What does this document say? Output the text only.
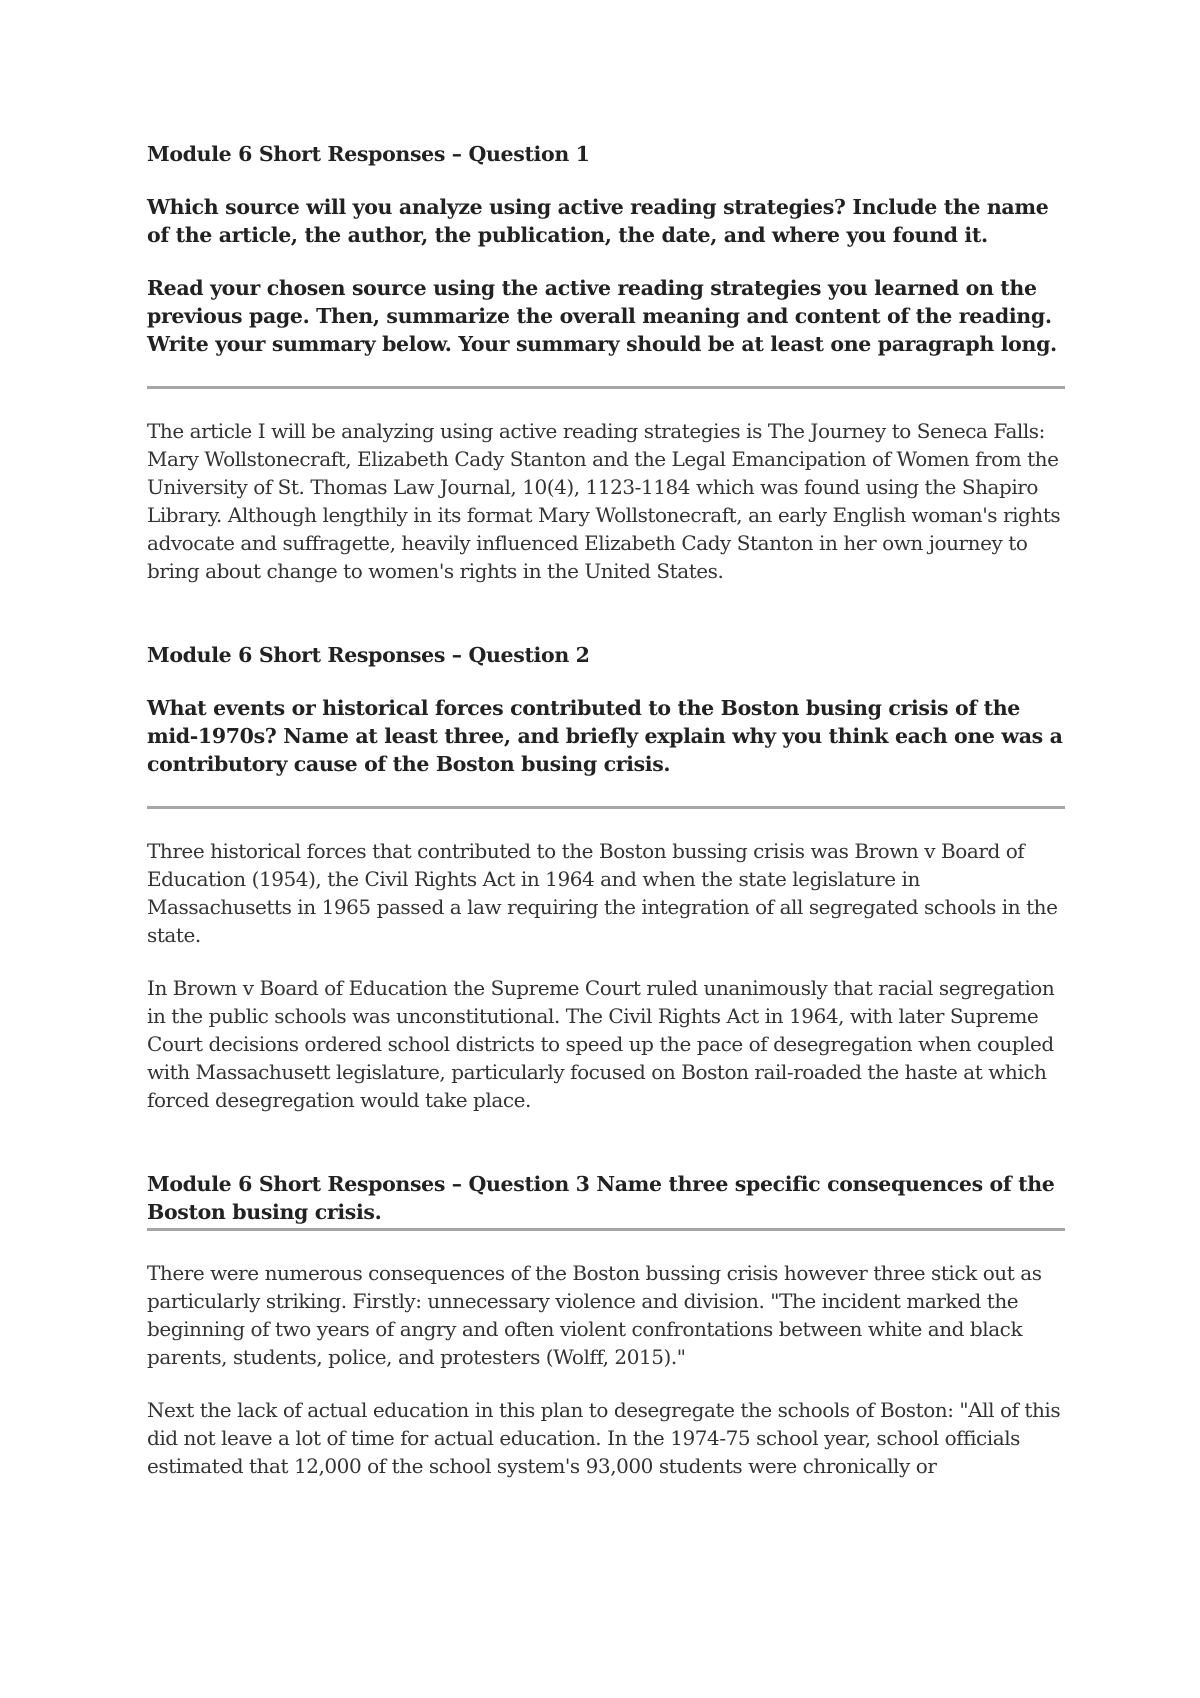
Module 6 Short Responses – Question 1

Which source will you analyze using active reading strategies? Include the name of the article, the author, the publication, the date, and where you found it.

Read your chosen source using the active reading strategies you learned on the previous page. Then, summarize the overall meaning and content of the reading. Write your summary below. Your summary should be at least one paragraph long.

The article I will be analyzing using active reading strategies is The Journey to Seneca Falls: Mary Wollstonecraft, Elizabeth Cady Stanton and the Legal Emancipation of Women from the University of St. Thomas Law Journal, 10(4), 1123-1184 which was found using the Shapiro Library. Although lengthily in its format Mary Wollstonecraft, an early English woman's rights advocate and suffragette, heavily influenced Elizabeth Cady Stanton in her own journey to bring about change to women's rights in the United States.

Module 6 Short Responses – Question 2

What events or historical forces contributed to the Boston busing crisis of the mid-1970s? Name at least three, and briefly explain why you think each one was a contributory cause of the Boston busing crisis.

Three historical forces that contributed to the Boston bussing crisis was Brown v Board of Education (1954), the Civil Rights Act in 1964 and when the state legislature in Massachusetts in 1965 passed a law requiring the integration of all segregated schools in the state.

In Brown v Board of Education the Supreme Court ruled unanimously that racial segregation in the public schools was unconstitutional. The Civil Rights Act in 1964, with later Supreme Court decisions ordered school districts to speed up the pace of desegregation when coupled with Massachusett legislature, particularly focused on Boston rail-roaded the haste at which forced desegregation would take place.

Module 6 Short Responses – Question 3 Name three specific consequences of the Boston busing crisis.

There were numerous consequences of the Boston bussing crisis however three stick out as particularly striking. Firstly: unnecessary violence and division. "The incident marked the beginning of two years of angry and often violent confrontations between white and black parents, students, police, and protesters (Wolff, 2015)."

Next the lack of actual education in this plan to desegregate the schools of Boston: "All of this did not leave a lot of time for actual education. In the 1974-75 school year, school officials estimated that 12,000 of the school system's 93,000 students were chronically or
